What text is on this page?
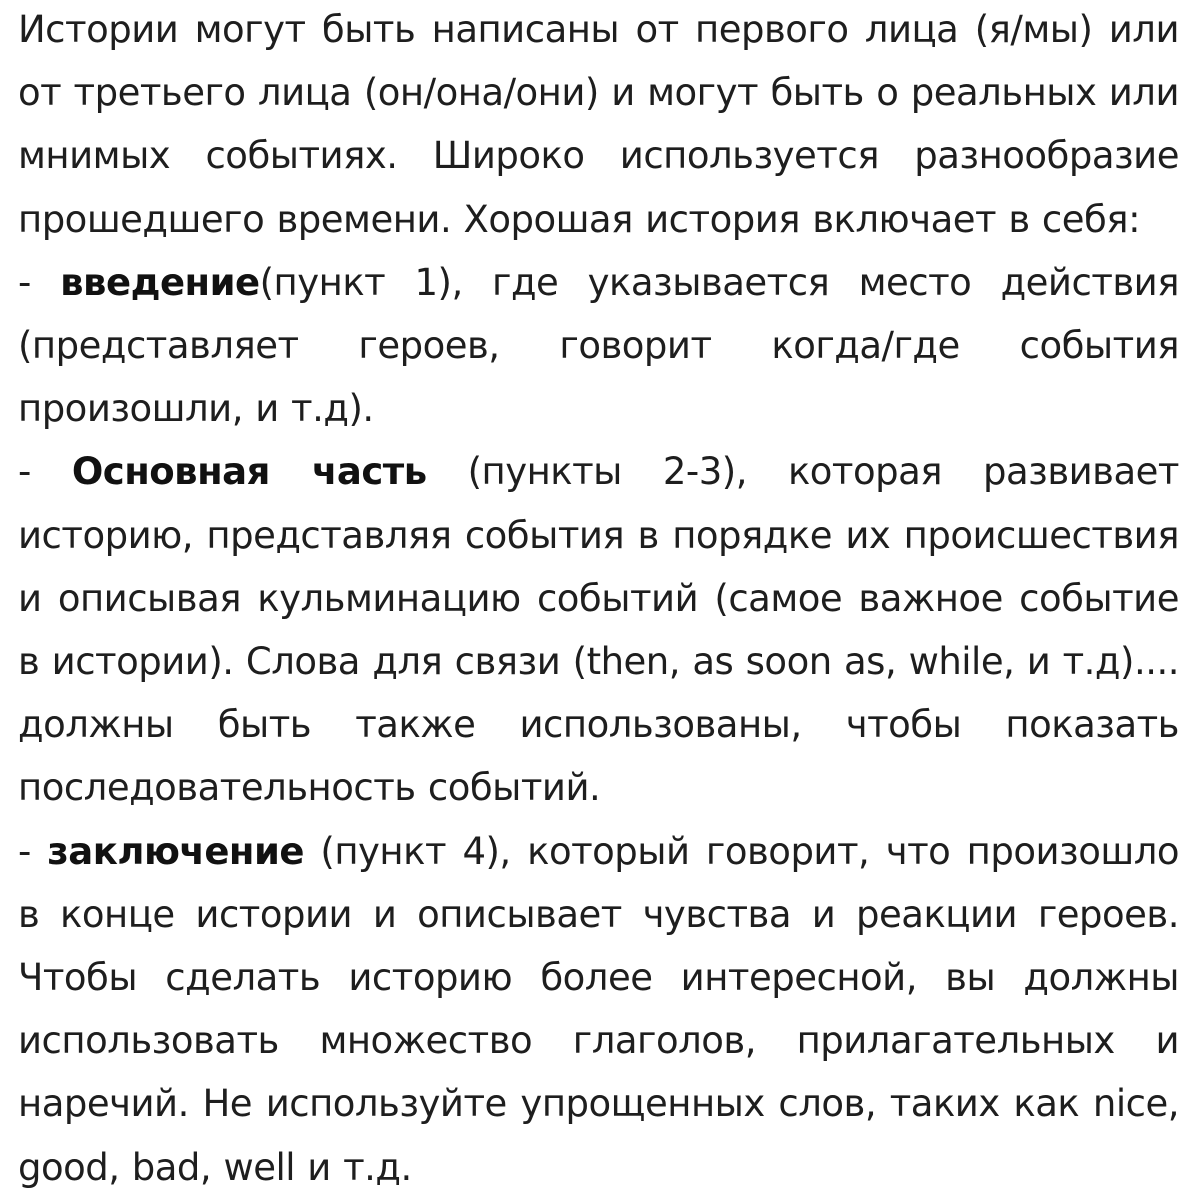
Истории могут быть написаны от первого лица (я/мы) или от третьего лица (он/она/они) и могут быть о реальных или мнимых событиях. Широко используется разнообразие прошедшего времени. Хорошая история включает в себя:

- введение(пункт 1), где указывается место действия (представляет героев, говорит когда/где события произошли, и т.д).

- Основная часть (пункты 2-3), которая развивает историю, представляя события в порядке их происшествия и описывая кульминацию событий (самое важное событие в истории). Слова для связи (then, as soon as, while, и т.д).... должны быть также использованы, чтобы показать последовательность событий.

- заключение (пункт 4), который говорит, что произошло в конце истории и описывает чувства и реакции героев. Чтобы сделать историю более интересной, вы должны использовать множество глаголов, прилагательных и наречий. Не используйте упрощенных слов, таких как nice, good, bad, well и т.д.
